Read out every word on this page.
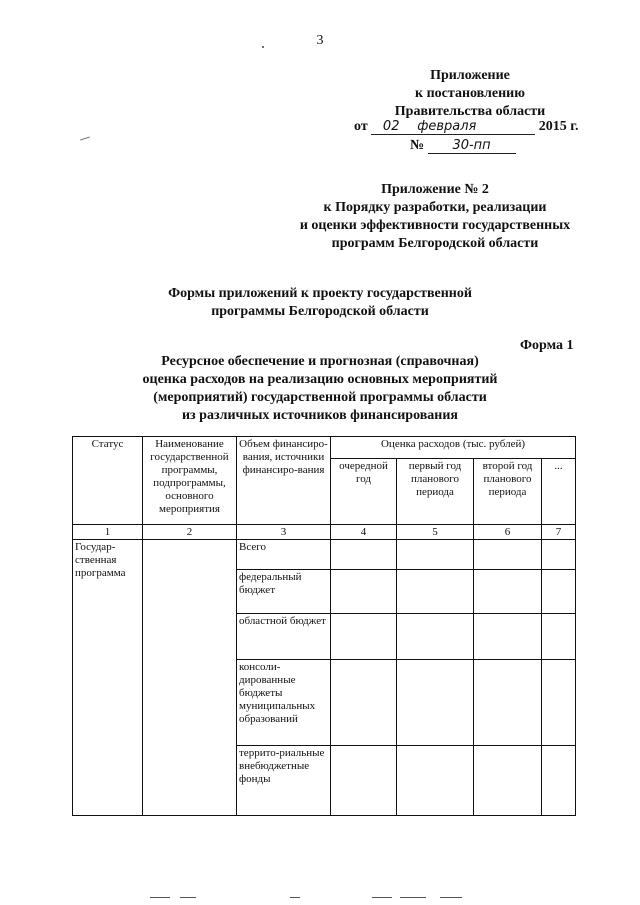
3
Приложение
к постановлению
Правительства области
от 02 февраля	2015 г.
№ 30-пп
Приложение № 2
к Порядку разработки, реализации
и оценки эффективности государственных
программ Белгородской области
Формы приложений к проекту государственной
программы Белгородской области
Форма 1
Ресурсное обеспечение и прогнозная (справочная)
оценка расходов на реализацию основных мероприятий
(мероприятий) государственной программы области
из различных источников финансирования
Статус	Наименование государственной программы, подпрограммы, основного мероприятия	Объем финансиро-вания, источники финансиро-вания	Оценка расходов (тыс. рублей)			
			очередной год	первый год планового периода	второй год планового периода	...
1	2	3	4	5	6	7
Государ-ственная программа		Всего				
		федеральный бюджет				
		областной бюджет				
		консоли-дированные бюджеты муниципальных образований				
		террито-риальные внебюджетные фонды				
